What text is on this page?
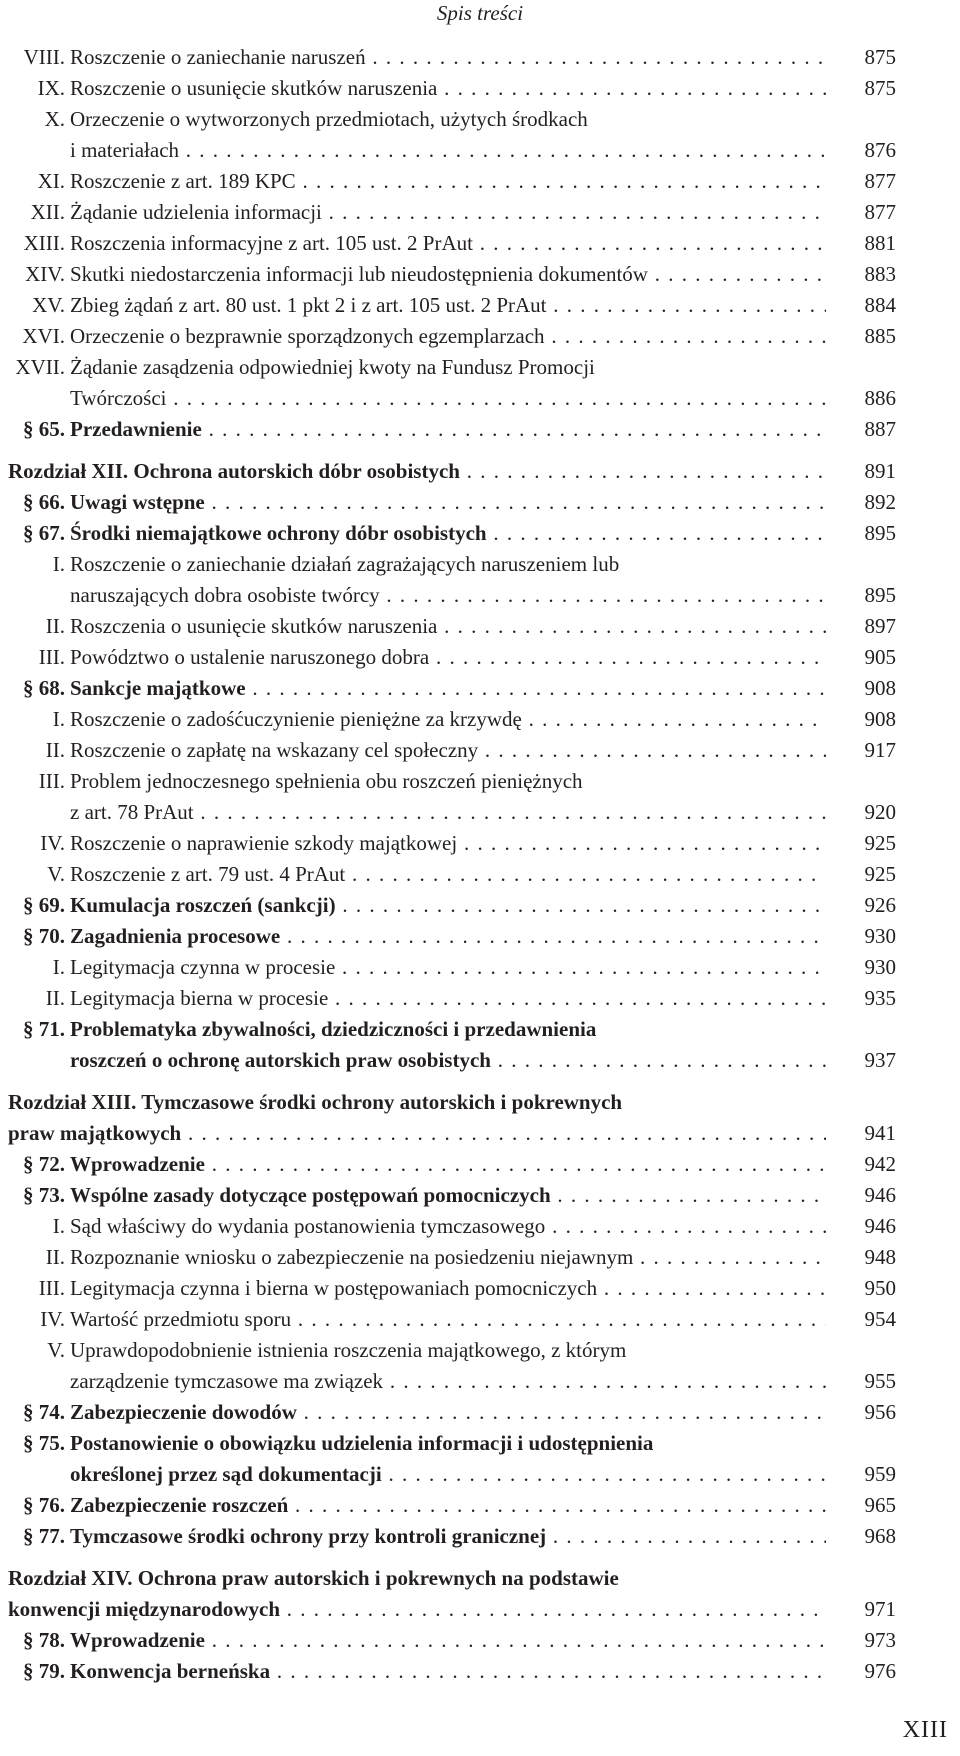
Spis treści
VIII. Roszczenie o zaniechanie naruszeń . . .	875
IX. Roszczenie o usunięcie skutków naruszenia . . .	875
X. Orzeczenie o wytworzonych przedmiotach, użytych środkach
i materiałach . . .	876
XI. Roszczenie z art. 189 KPC . . .	877
XII. Żądanie udzielenia informacji . . .	877
XIII. Roszczenia informacyjne z art. 105 ust. 2 PrAut . . .	881
XIV. Skutki niedostarczenia informacji lub nieudostępnienia dokumentów . . .	883
XV. Zbieg żądań z art. 80 ust. 1 pkt 2 i z art. 105 ust. 2 PrAut . . .	884
XVI. Orzeczenie o bezprawnie sporządzonych egzemplarzach . . .	885
XVII. Żądanie zasądzenia odpowiedniej kwoty na Fundusz Promocji
Twórczości . . .	886
§ 65. Przedawnienie . . .	887
Rozdział XII. Ochrona autorskich dóbr osobistych . . .	891
§ 66. Uwagi wstępne . . .	892
§ 67. Środki niemajątkowe ochrony dóbr osobistych . . .	895
I. Roszczenie o zaniechanie działań zagrażających naruszeniem lub
naruszających dobra osobiste twórcy . . .	895
II. Roszczenia o usunięcie skutków naruszenia . . .	897
III. Powództwo o ustalenie naruszonego dobra . . .	905
§ 68. Sankcje majątkowe . . .	908
I. Roszczenie o zadośćuczynienie pieniężne za krzywdę . . .	908
II. Roszczenie o zapłatę na wskazany cel społeczny . . .	917
III. Problem jednoczesnego spełnienia obu roszczeń pieniężnych
z art. 78 PrAut . . .	920
IV. Roszczenie o naprawienie szkody majątkowej . . .	925
V. Roszczenie z art. 79 ust. 4 PrAut . . .	925
§ 69. Kumulacja roszczeń (sankcji) . . .	926
§ 70. Zagadnienia procesowe . . .	930
I. Legitymacja czynna w procesie . . .	930
II. Legitymacja bierna w procesie . . .	935
§ 71. Problematyka zbywalności, dziedziczności i przedawnienia
roszczeń o ochronę autorskich praw osobistych . . .	937
Rozdział XIII. Tymczasowe środki ochrony autorskich i pokrewnych
praw majątkowych . . .	941
§ 72. Wprowadzenie . . .	942
§ 73. Wspólne zasady dotyczące postępowań pomocniczych . . .	946
I. Sąd właściwy do wydania postanowienia tymczasowego . . .	946
II. Rozpoznanie wniosku o zabezpieczenie na posiedzeniu niejawnym . . .	948
III. Legitymacja czynna i bierna w postępowaniach pomocniczych . . .	950
IV. Wartość przedmiotu sporu . . .	954
V. Uprawdopodobnienie istnienia roszczenia majątkowego, z którym
zarządzenie tymczasowe ma związek . . .	955
§ 74. Zabezpieczenie dowodów . . .	956
§ 75. Postanowienie o obowiązku udzielenia informacji i udostępnienia
określonej przez sąd dokumentacji . . .	959
§ 76. Zabezpieczenie roszczeń . . .	965
§ 77. Tymczasowe środki ochrony przy kontroli granicznej . . .	968
Rozdział XIV. Ochrona praw autorskich i pokrewnych na podstawie
konwencji międzynarodowych . . .	971
§ 78. Wprowadzenie . . .	973
§ 79. Konwencja berneńska . . .	976
XIII
